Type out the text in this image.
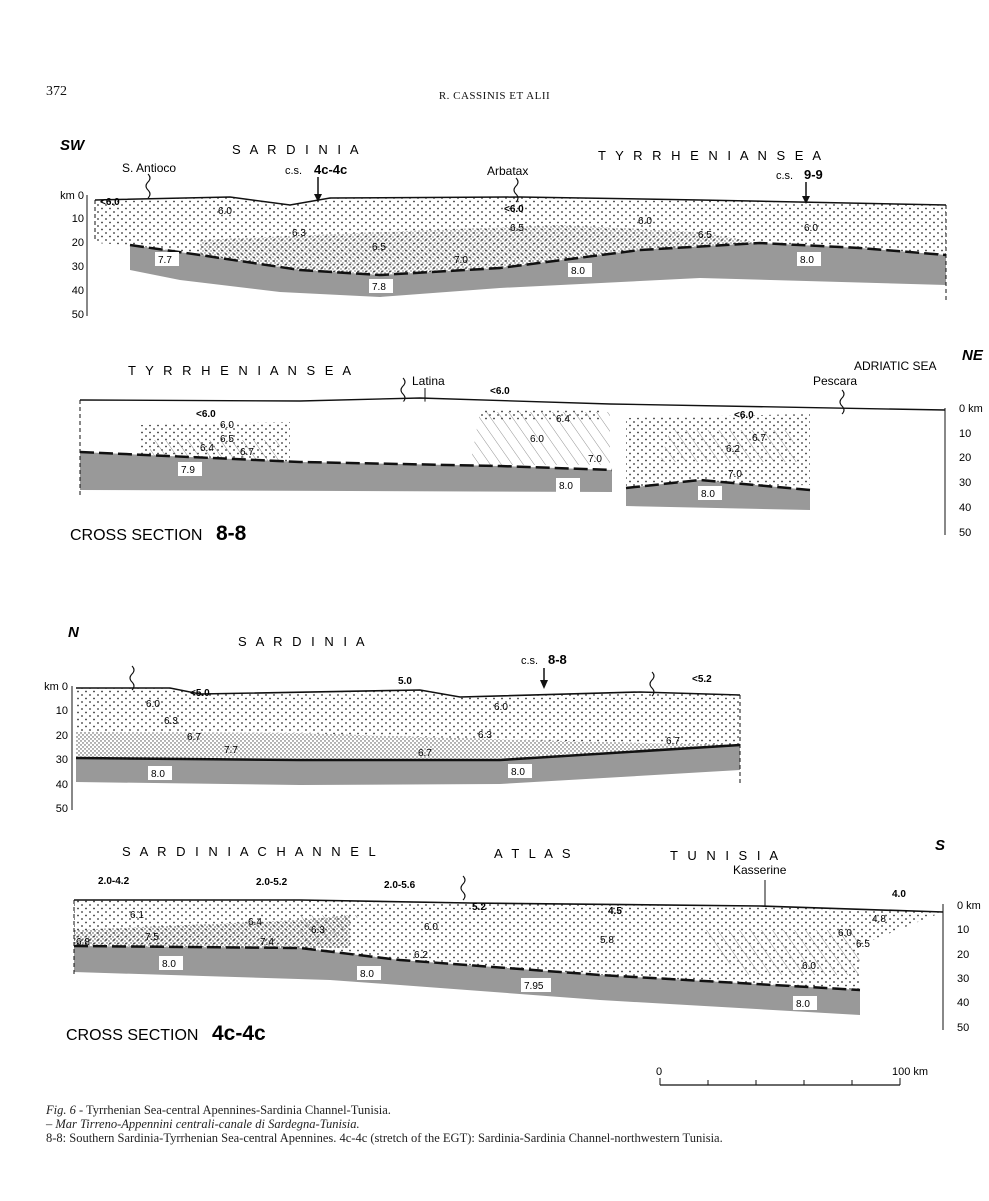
372	R. CASSINIS ET ALII
SW	S A R D I N I A	T Y R R H E N I A N S E A
S. Antioco	Arbatax
c.s. 4c-4c	c.s. 9-9
km 0
10
20
30
40
50
<6.0
6.0
6.3
6.5
<6.0
6.5
6.0
6.5
6.0
7.0
7.7
7.8
8.0
8.0
T Y R R H E N I A N S E A	ADRIATIC SEA
NE
Latina	Pescara
0 km
10
20
30
40
50
<6.0
6.0
6.5
6.4	6.7
7.9
<6.0
6.4
6.0
7.0
8.0
<6.0
6.7
6.2
7.0
8.0
CROSS SECTION 8-8
N
S A R D I N I A
c.s. 8-8
km 0
10
20
30
40
50
<5.0
5.0	<5.2
6.0
6.3
6.0
6.7
7.7
6.3
6.7
6.7
8.0	8.0
S A R D I N I A C H A N N E L	A T L A S	T U N I S I A
S
Kasserine
0 km
10
20
30
40
50
2.0-4.2	2.0-5.2	2.0-5.6
5.2	4.5
4.0
6.1
6.4
6.3	6.0
4.8
6.8	7.5	7.4	5.8
6.0
6.5
6.2
6.0
8.0
8.0
7.95
8.0
CROSS SECTION 4c-4c
0	100 km
Fig. 6 - Tyrrhenian Sea-central Apennines-Sardinia Channel-Tunisia.
– Mar Tirreno-Appennini centrali-canale di Sardegna-Tunisia.
8-8: Southern Sardinia-Tyrrhenian Sea-central Apennines. 4c-4c (stretch of the EGT): Sardinia-Sardinia Channel-northwestern Tunisia.
